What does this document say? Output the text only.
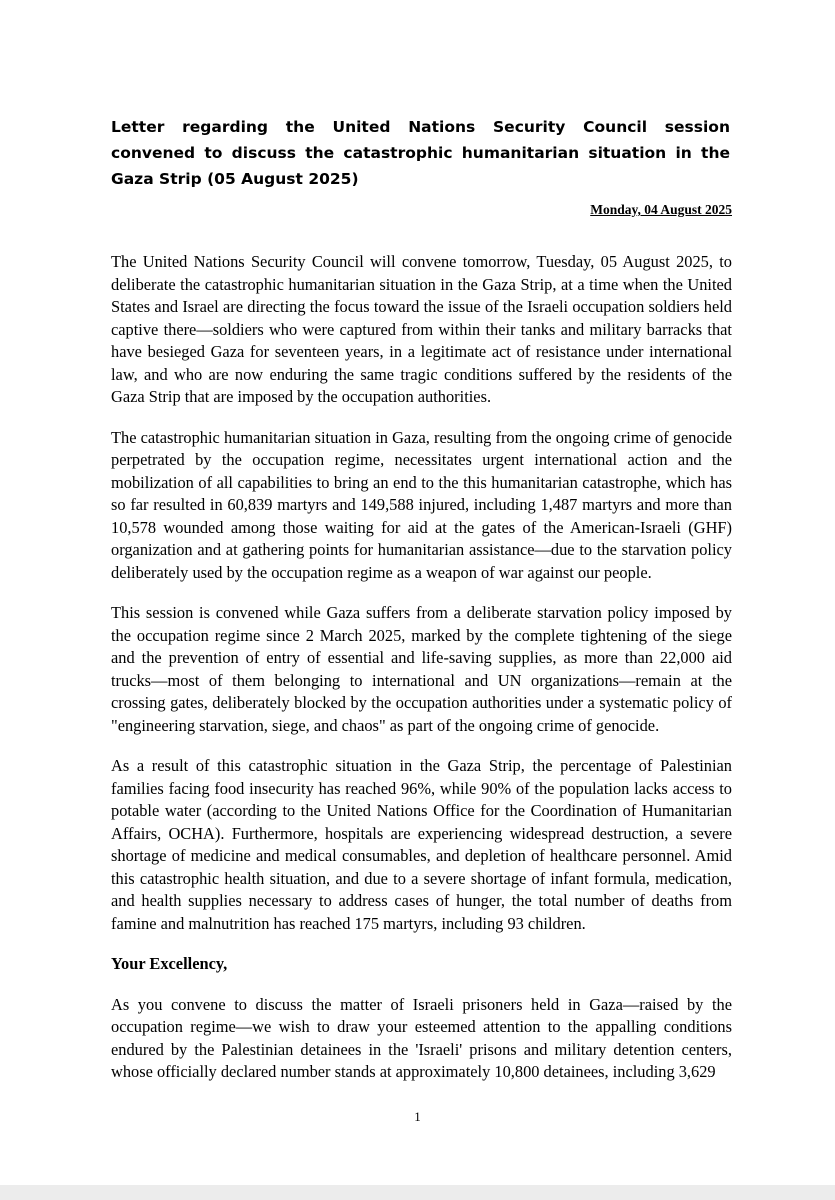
Letter regarding the United Nations Security Council session convened to discuss the catastrophic humanitarian situation in the Gaza Strip (05 August 2025)

Monday, 04 August 2025

The United Nations Security Council will convene tomorrow, Tuesday, 05 August 2025, to deliberate the catastrophic humanitarian situation in the Gaza Strip, at a time when the United States and Israel are directing the focus toward the issue of the Israeli occupation soldiers held captive there—soldiers who were captured from within their tanks and military barracks that have besieged Gaza for seventeen years, in a legitimate act of resistance under international law, and who are now enduring the same tragic conditions suffered by the residents of the Gaza Strip that are imposed by the occupation authorities.

The catastrophic humanitarian situation in Gaza, resulting from the ongoing crime of genocide perpetrated by the occupation regime, necessitates urgent international action and the mobilization of all capabilities to bring an end to the this humanitarian catastrophe, which has so far resulted in 60,839 martyrs and 149,588 injured, including 1,487 martyrs and more than 10,578 wounded among those waiting for aid at the gates of the American-Israeli (GHF) organization and at gathering points for humanitarian assistance—due to the starvation policy deliberately used by the occupation regime as a weapon of war against our people.

This session is convened while Gaza suffers from a deliberate starvation policy imposed by the occupation regime since 2 March 2025, marked by the complete tightening of the siege and the prevention of entry of essential and life-saving supplies, as more than 22,000 aid trucks—most of them belonging to international and UN organizations—remain at the crossing gates, deliberately blocked by the occupation authorities under a systematic policy of "engineering starvation, siege, and chaos" as part of the ongoing crime of genocide.

As a result of this catastrophic situation in the Gaza Strip, the percentage of Palestinian families facing food insecurity has reached 96%, while 90% of the population lacks access to potable water (according to the United Nations Office for the Coordination of Humanitarian Affairs, OCHA). Furthermore, hospitals are experiencing widespread destruction, a severe shortage of medicine and medical consumables, and depletion of healthcare personnel. Amid this catastrophic health situation, and due to a severe shortage of infant formula, medication, and health supplies necessary to address cases of hunger, the total number of deaths from famine and malnutrition has reached 175 martyrs, including 93 children.

Your Excellency,

As you convene to discuss the matter of Israeli prisoners held in Gaza—raised by the occupation regime—we wish to draw your esteemed attention to the appalling conditions endured by the Palestinian detainees in the 'Israeli' prisons and military detention centers, whose officially declared number stands at approximately 10,800 detainees, including 3,629

1
